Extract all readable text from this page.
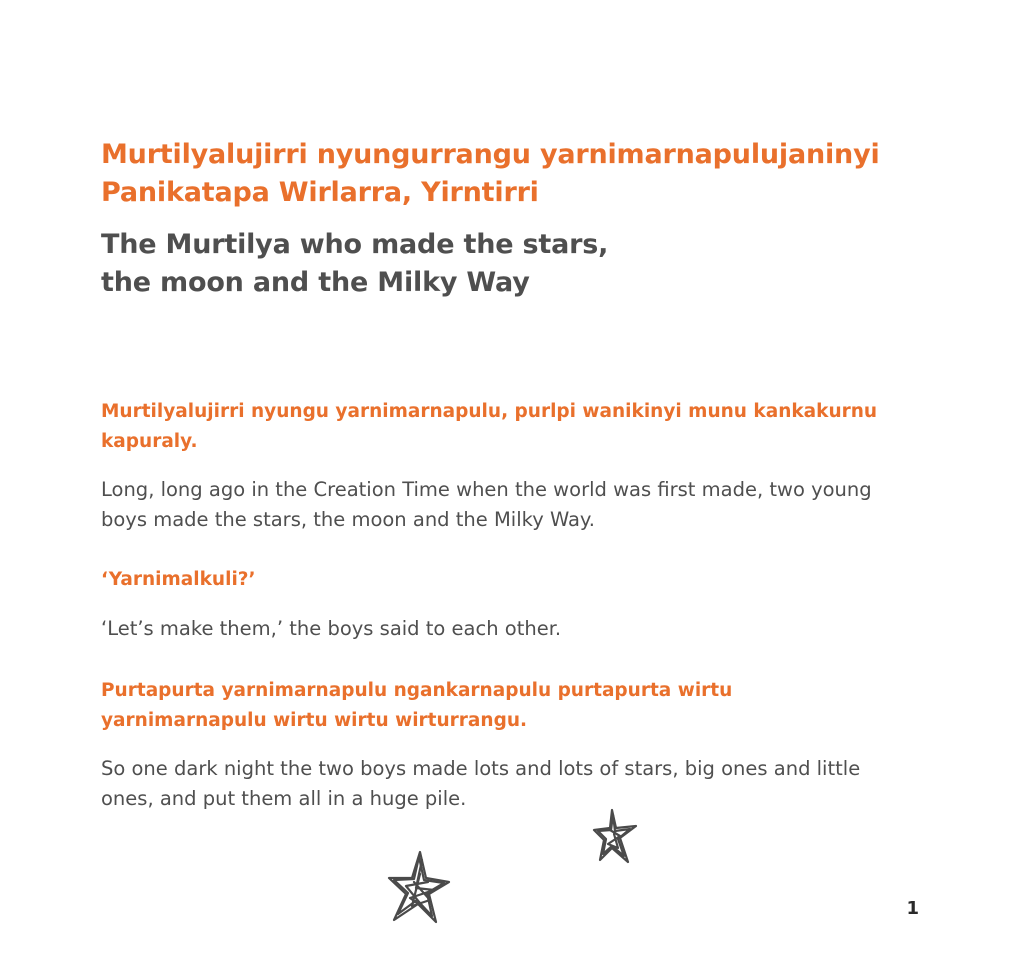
Murtilyalujirri nyungurrangu yarnimarnapulujaninyi
Panikatapa Wirlarra, Yirntirri

The Murtilya who made the stars,
the moon and the Milky Way

Murtilyalujirri nyungu yarnimarnapulu, purlpi wanikinyi munu kankakurnu kapuraly.

Long, long ago in the Creation Time when the world was first made, two young boys made the stars, the moon and the Milky Way.

‘Yarnimalkuli?’

‘Let’s make them,’ the boys said to each other.

Purtapurta yarnimarnapulu ngankarnapulu purtapurta wirtu yarnimarnapulu wirtu wirtu wirturrangu.

So one dark night the two boys made lots and lots of stars, big ones and little ones, and put them all in a huge pile.

1
